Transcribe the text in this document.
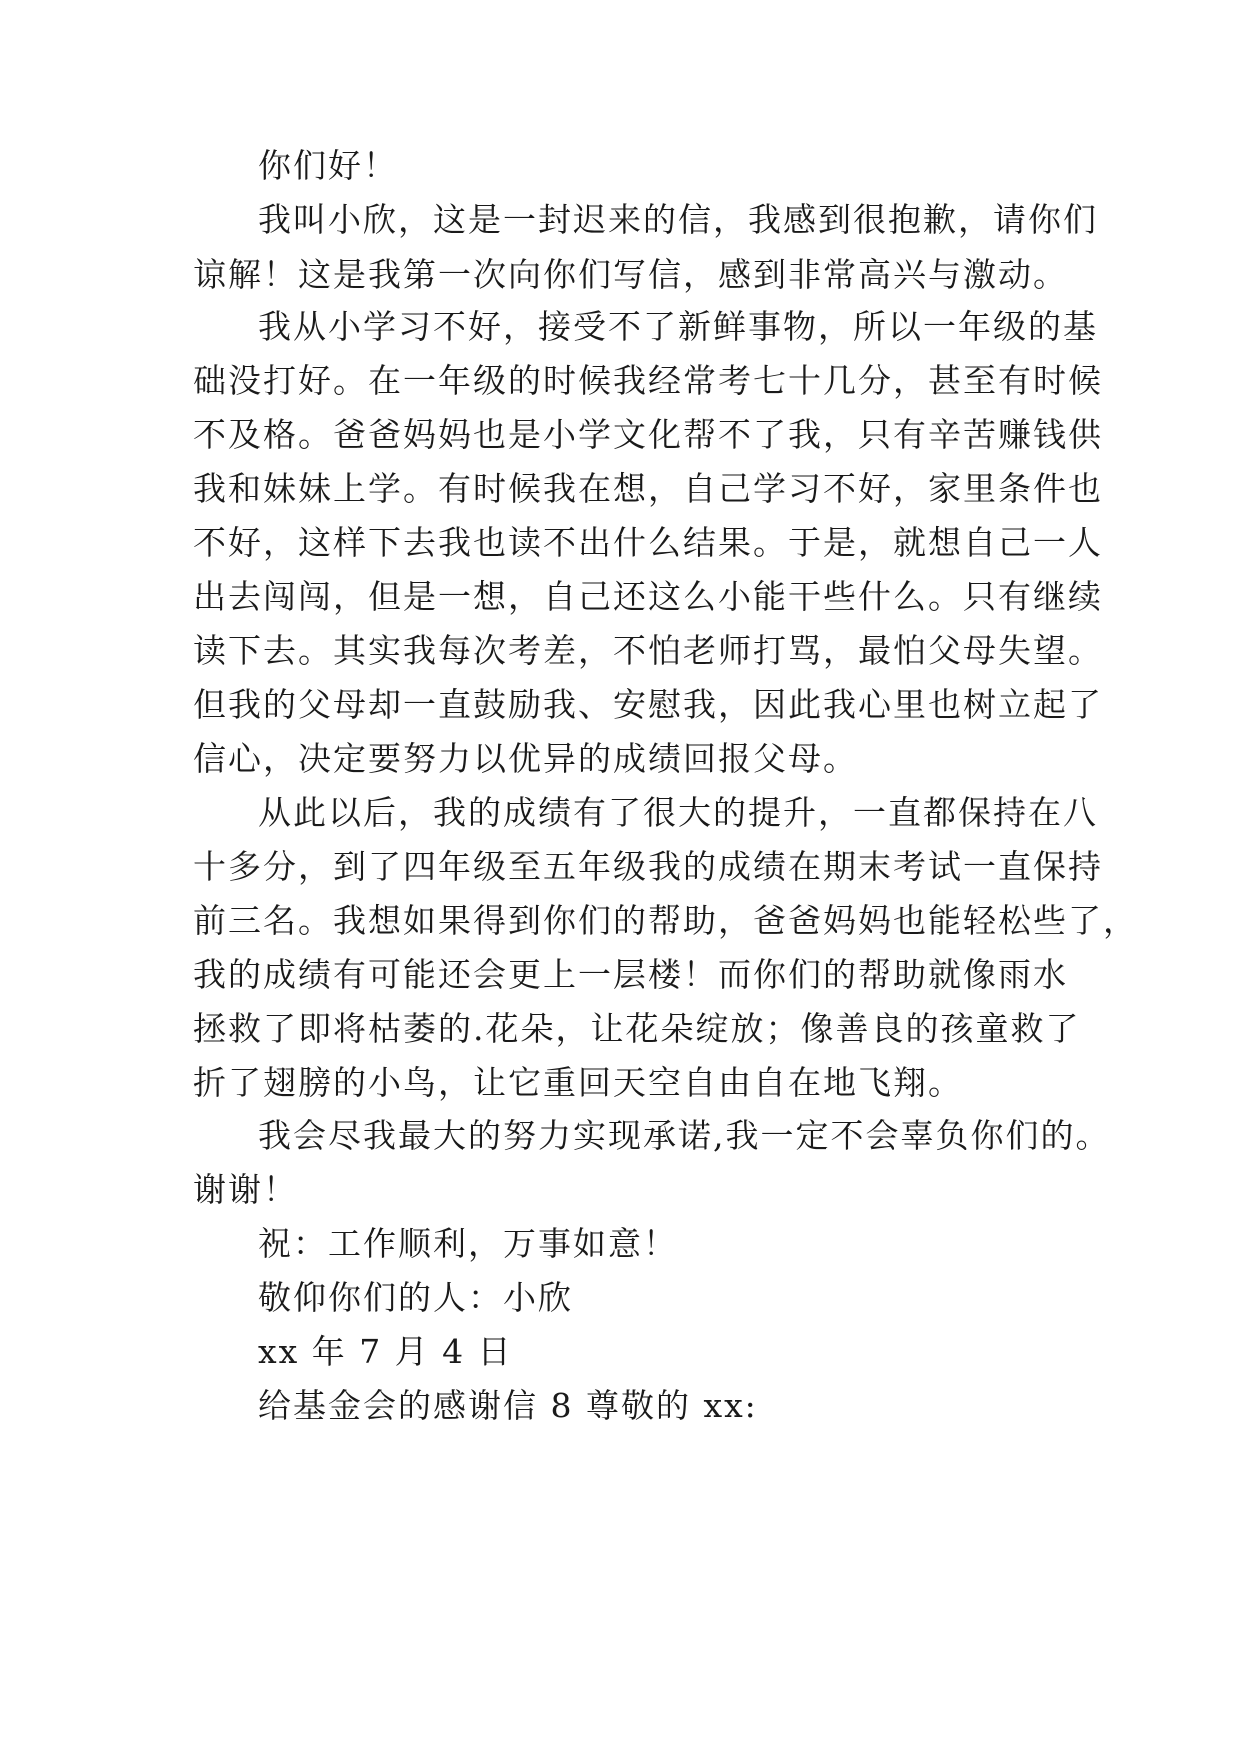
你们好！
我叫小欣，这是一封迟来的信，我感到很抱歉，请你们
谅解！这是我第一次向你们写信，感到非常高兴与激动。
我从小学习不好，接受不了新鲜事物，所以一年级的基
础没打好。在一年级的时候我经常考七十几分，甚至有时候
不及格。爸爸妈妈也是小学文化帮不了我，只有辛苦赚钱供
我和妹妹上学。有时候我在想，自己学习不好，家里条件也
不好，这样下去我也读不出什么结果。于是，就想自己一人
出去闯闯，但是一想，自己还这么小能干些什么。只有继续
读下去。其实我每次考差，不怕老师打骂，最怕父母失望。
但我的父母却一直鼓励我、安慰我，因此我心里也树立起了
信心，决定要努力以优异的成绩回报父母。
从此以后，我的成绩有了很大的提升，一直都保持在八
十多分，到了四年级至五年级我的成绩在期末考试一直保持
前三名。我想如果得到你们的帮助，爸爸妈妈也能轻松些了，
我的成绩有可能还会更上一层楼！而你们的帮助就像雨水
拯救了即将枯萎的.花朵，让花朵绽放；像善良的孩童救了
折了翅膀的小鸟，让它重回天空自由自在地飞翔。
我会尽我最大的努力实现承诺,我一定不会辜负你们的。
谢谢！
祝：工作顺利，万事如意！
敬仰你们的人：小欣
xx 年 7 月 4 日
给基金会的感谢信 8 尊敬的 xx:
